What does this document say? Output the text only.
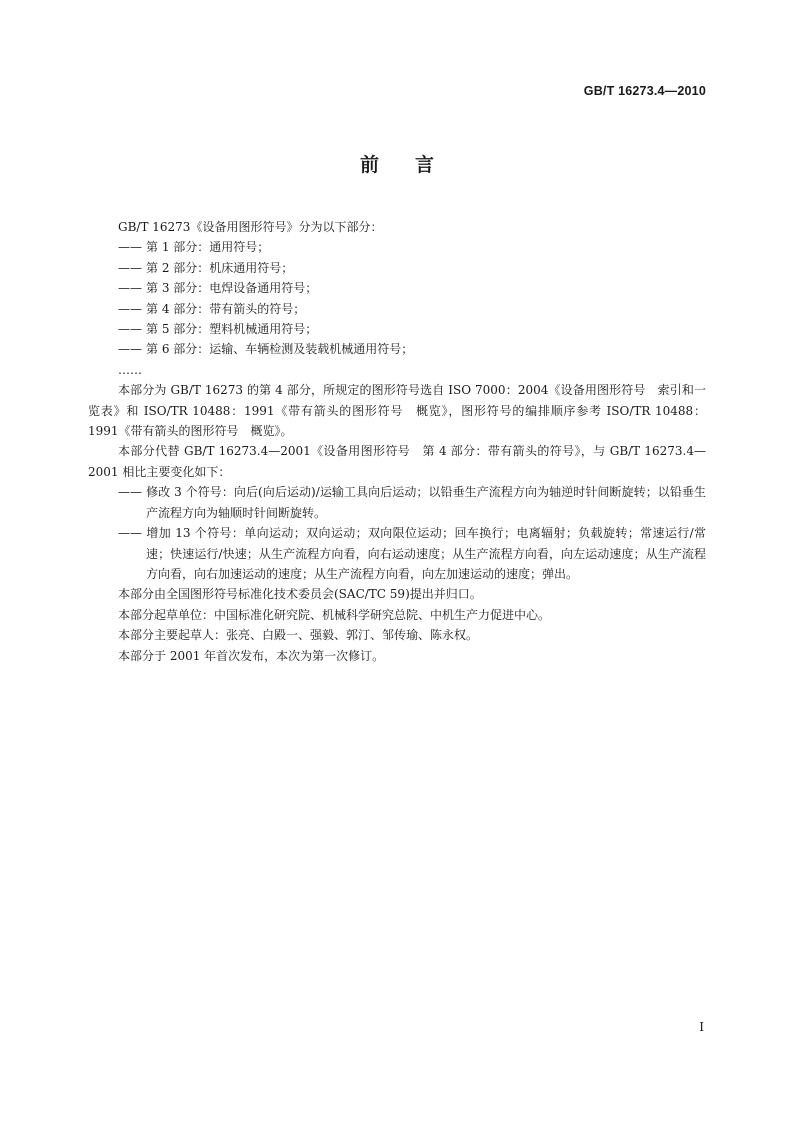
GB/T 16273.4—2010
前言

GB/T 16273《设备用图形符号》分为以下部分：

—— 第 1 部分：通用符号；

—— 第 2 部分：机床通用符号；

—— 第 3 部分：电焊设备通用符号；

—— 第 4 部分：带有箭头的符号；

—— 第 5 部分：塑料机械通用符号；

—— 第 6 部分：运输、车辆检测及装载机械通用符号；

……

本部分为 GB/T 16273 的第 4 部分，所规定的图形符号选自 ISO 7000：2004《设备用图形符号　索引和一览表》和 ISO/TR 10488：1991《带有箭头的图形符号　概览》，图形符号的编排顺序参考 ISO/TR 10488：1991《带有箭头的图形符号　概览》。

本部分代替 GB/T 16273.4—2001《设备用图形符号　第 4 部分：带有箭头的符号》，与 GB/T 16273.4—2001 相比主要变化如下：

—— 修改 3 个符号：向后(向后运动)/运输工具向后运动；以铅垂生产流程方向为轴逆时针间断旋转；以铅垂生产流程方向为轴顺时针间断旋转。

—— 增加 13 个符号：单向运动；双向运动；双向限位运动；回车换行；电离辐射；负载旋转；常速运行/常速；快速运行/快速；从生产流程方向看，向右运动速度；从生产流程方向看，向左运动速度；从生产流程方向看，向右加速运动的速度；从生产流程方向看，向左加速运动的速度；弹出。

本部分由全国图形符号标准化技术委员会(SAC/TC 59)提出并归口。

本部分起草单位：中国标准化研究院、机械科学研究总院、中机生产力促进中心。

本部分主要起草人：张亮、白殿一、强毅、郭汀、邹传瑜、陈永权。

本部分于 2001 年首次发布，本次为第一次修订。

Ⅰ
